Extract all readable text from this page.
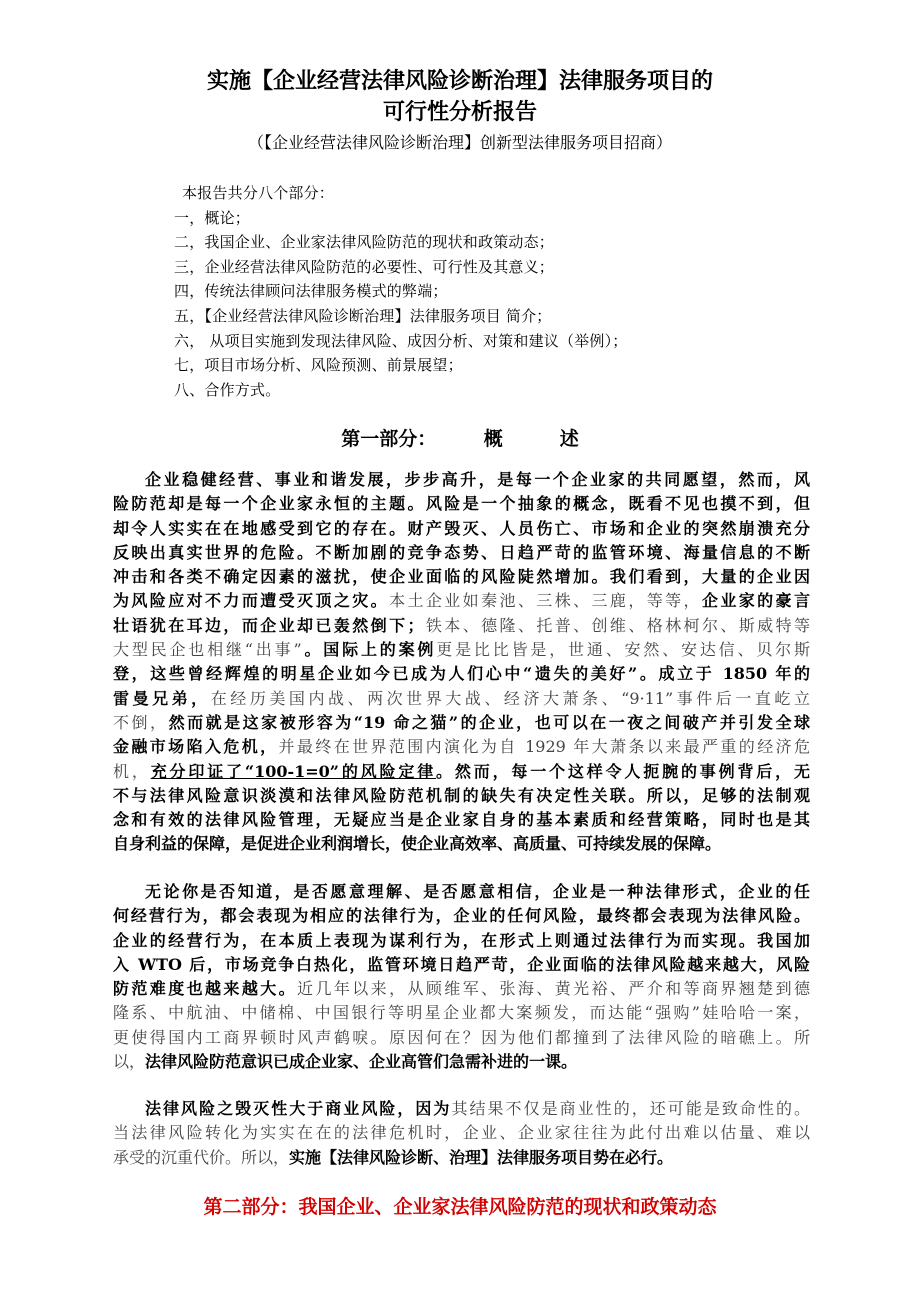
实施【企业经营法律风险诊断治理】法律服务项目的
可行性分析报告
（【企业经营法律风险诊断治理】创新型法律服务项目招商）
本报告共分八个部分：
一，概论；
二，我国企业、企业家法律风险防范的现状和政策动态；
三，企业经营法律风险防范的必要性、可行性及其意义；
四，传统法律顾问法律服务模式的弊端；
五，【企业经营法律风险诊断治理】法律服务项目 简介；
六， 从项目实施到发现法律风险、成因分析、对策和建议（举例）；
七，项目市场分析、风险预测、前景展望；
八、合作方式。
第一部分：　　　概　　　述
企业稳健经营、事业和谐发展，步步高升，是每一个企业家的共同愿望，然而，风
险防范却是每一个企业家永恒的主题。风险是一个抽象的概念，既看不见也摸不到，但
却令人实实在在地感受到它的存在。财产毁灭、人员伤亡、市场和企业的突然崩溃充分
反映出真实世界的危险。不断加剧的竞争态势、日趋严苛的监管环境、海量信息的不断
冲击和各类不确定因素的滋扰，使企业面临的风险陡然增加。我们看到，大量的企业因
为风险应对不力而遭受灭顶之灾。本土企业如秦池、三株、三鹿，等等，企业家的豪言
壮语犹在耳边，而企业却已轰然倒下；铁本、德隆、托普、创维、格林柯尔、斯威特等
大型民企也相继“出事”。国际上的案例更是比比皆是，世通、安然、安达信、贝尔斯
登，这些曾经辉煌的明星企业如今已成为人们心中“遗失的美好”。成立于 1850 年的
雷曼兄弟，在经历美国内战、两次世界大战、经济大萧条、“9·11”事件后一直屹立
不倒，然而就是这家被形容为“19 命之猫”的企业，也可以在一夜之间破产并引发全球
金融市场陷入危机，并最终在世界范围内演化为自 1929 年大萧条以来最严重的经济危
机，充分印证了“100-1=0”的风险定律。然而，每一个这样令人扼腕的事例背后，无
不与法律风险意识淡漠和法律风险防范机制的缺失有决定性关联。所以，足够的法制观
念和有效的法律风险管理，无疑应当是企业家自身的基本素质和经营策略，同时也是其
自身利益的保障，是促进企业利润增长，使企业高效率、高质量、可持续发展的保障。
无论你是否知道，是否愿意理解、是否愿意相信，企业是一种法律形式，企业的任
何经营行为，都会表现为相应的法律行为，企业的任何风险，最终都会表现为法律风险。
企业的经营行为，在本质上表现为谋利行为，在形式上则通过法律行为而实现。我国加
入 WTO 后，市场竞争白热化，监管环境日趋严苛，企业面临的法律风险越来越大，风险
防范难度也越来越大。近几年以来，从顾维军、张海、黄光裕、严介和等商界翘楚到德
隆系、中航油、中储棉、中国银行等明星企业都大案频发，而达能“强购”娃哈哈一案，
更使得国内工商界顿时风声鹤唳。原因何在？因为他们都撞到了法律风险的暗礁上。所
以，法律风险防范意识已成企业家、企业高管们急需补进的一课。
法律风险之毁灭性大于商业风险，因为其结果不仅是商业性的，还可能是致命性的。
当法律风险转化为实实在在的法律危机时，企业、企业家往往为此付出难以估量、难以
承受的沉重代价。所以，实施【法律风险诊断、治理】法律服务项目势在必行。
第二部分：我国企业、企业家法律风险防范的现状和政策动态
